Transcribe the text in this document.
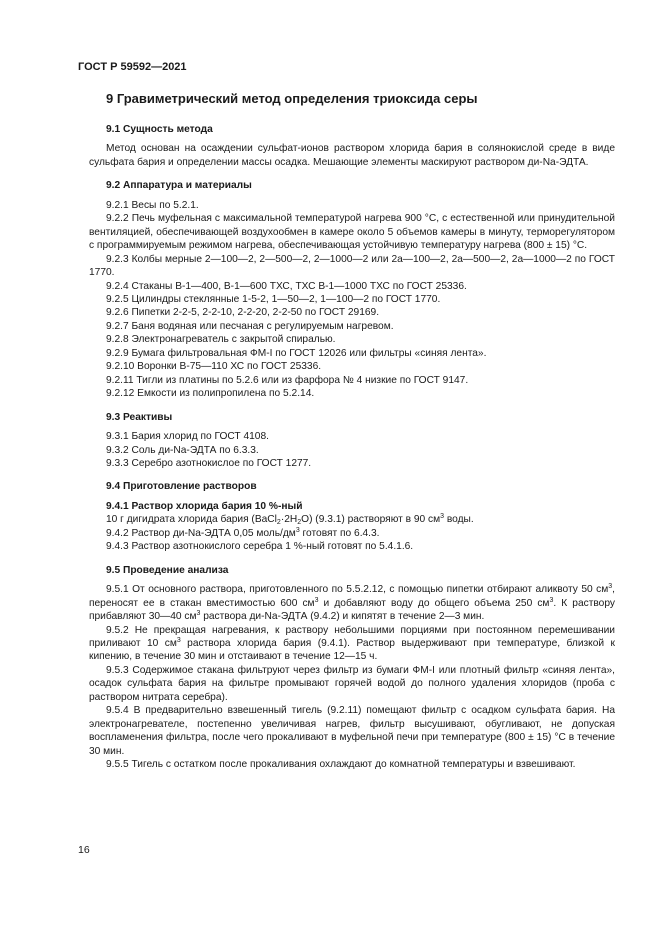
ГОСТ Р 59592—2021
9 Гравиметрический метод определения триоксида серы
9.1 Сущность метода

Метод основан на осаждении сульфат-ионов раствором хлорида бария в солянокислой среде в виде сульфата бария и определении массы осадка. Мешающие элементы маскируют раствором ди-Na-ЭДТА.

9.2 Аппаратура и материалы

9.2.1 Весы по 5.2.1.

9.2.2 Печь муфельная с максимальной температурой нагрева 900 °С, с естественной или принудительной вентиляцией, обеспечивающей воздухообмен в камере около 5 объемов камеры в минуту, терморегулятором с программируемым режимом нагрева, обеспечивающая устойчивую температуру нагрева (800 ± 15) °С.

9.2.3 Колбы мерные 2—100—2, 2—500—2, 2—1000—2 или 2а—100—2, 2а—500—2, 2а—1000—2 по ГОСТ 1770.

9.2.4 Стаканы В-1—400, В-1—600 ТХС, ТХС В-1—1000 ТХС по ГОСТ 25336.

9.2.5 Цилиндры стеклянные 1-5-2, 1—50—2, 1—100—2 по ГОСТ 1770.

9.2.6 Пипетки 2-2-5, 2-2-10, 2-2-20, 2-2-50 по ГОСТ 29169.

9.2.7 Баня водяная или песчаная с регулируемым нагревом.

9.2.8 Электронагреватель с закрытой спиралью.

9.2.9 Бумага фильтровальная ФМ-I по ГОСТ 12026 или фильтры «синяя лента».

9.2.10 Воронки В-75—110 ХС по ГОСТ 25336.

9.2.11 Тигли из платины по 5.2.6 или из фарфора № 4 низкие по ГОСТ 9147.

9.2.12 Емкости из полипропилена по 5.2.14.

9.3 Реактивы

9.3.1 Бария хлорид по ГОСТ 4108.

9.3.2 Соль ди-Na-ЭДТА по 6.3.3.

9.3.3 Серебро азотнокислое по ГОСТ 1277.

9.4 Приготовление растворов

9.4.1 Раствор хлорида бария 10 %-ный

10 г дигидрата хлорида бария $(BaCl_2\cdot 2H_2O)$ (9.3.1) растворяют в 90 $см^3$ воды.

9.4.2 Раствор ди-Na-ЭДТА 0,05 моль/$дм^3$ готовят по 6.4.3.

9.4.3 Раствор азотнокислого серебра 1 %-ный готовят по 5.4.1.6.

9.5 Проведение анализа

9.5.1 От основного раствора, приготовленного по 5.5.2.12, с помощью пипетки отбирают аликвоту 50 $см^3$, переносят ее в стакан вместимостью 600 $см^3$ и добавляют воду до общего объема 250 $см^3$. К раствору прибавляют 30—40 $см^3$ раствора ди-Na-ЭДТА (9.4.2) и кипятят в течение 2—3 мин.

9.5.2 Не прекращая нагревания, к раствору небольшими порциями при постоянном перемешивании приливают 10 $см^3$ раствора хлорида бария (9.4.1). Раствор выдерживают при температуре, близкой к кипению, в течение 30 мин и отстаивают в течение 12—15 ч.

9.5.3 Содержимое стакана фильтруют через фильтр из бумаги ФМ-I или плотный фильтр «синяя лента», осадок сульфата бария на фильтре промывают горячей водой до полного удаления хлоридов (проба с раствором нитрата серебра).

9.5.4 В предварительно взвешенный тигель (9.2.11) помещают фильтр с осадком сульфата бария. На электронагревателе, постепенно увеличивая нагрев, фильтр высушивают, обугливают, не допуская воспламенения фильтра, после чего прокаливают в муфельной печи при температуре (800 ± 15) °С в течение 30 мин.

9.5.5 Тигель с остатком после прокаливания охлаждают до комнатной температуры и взвешивают.

16
